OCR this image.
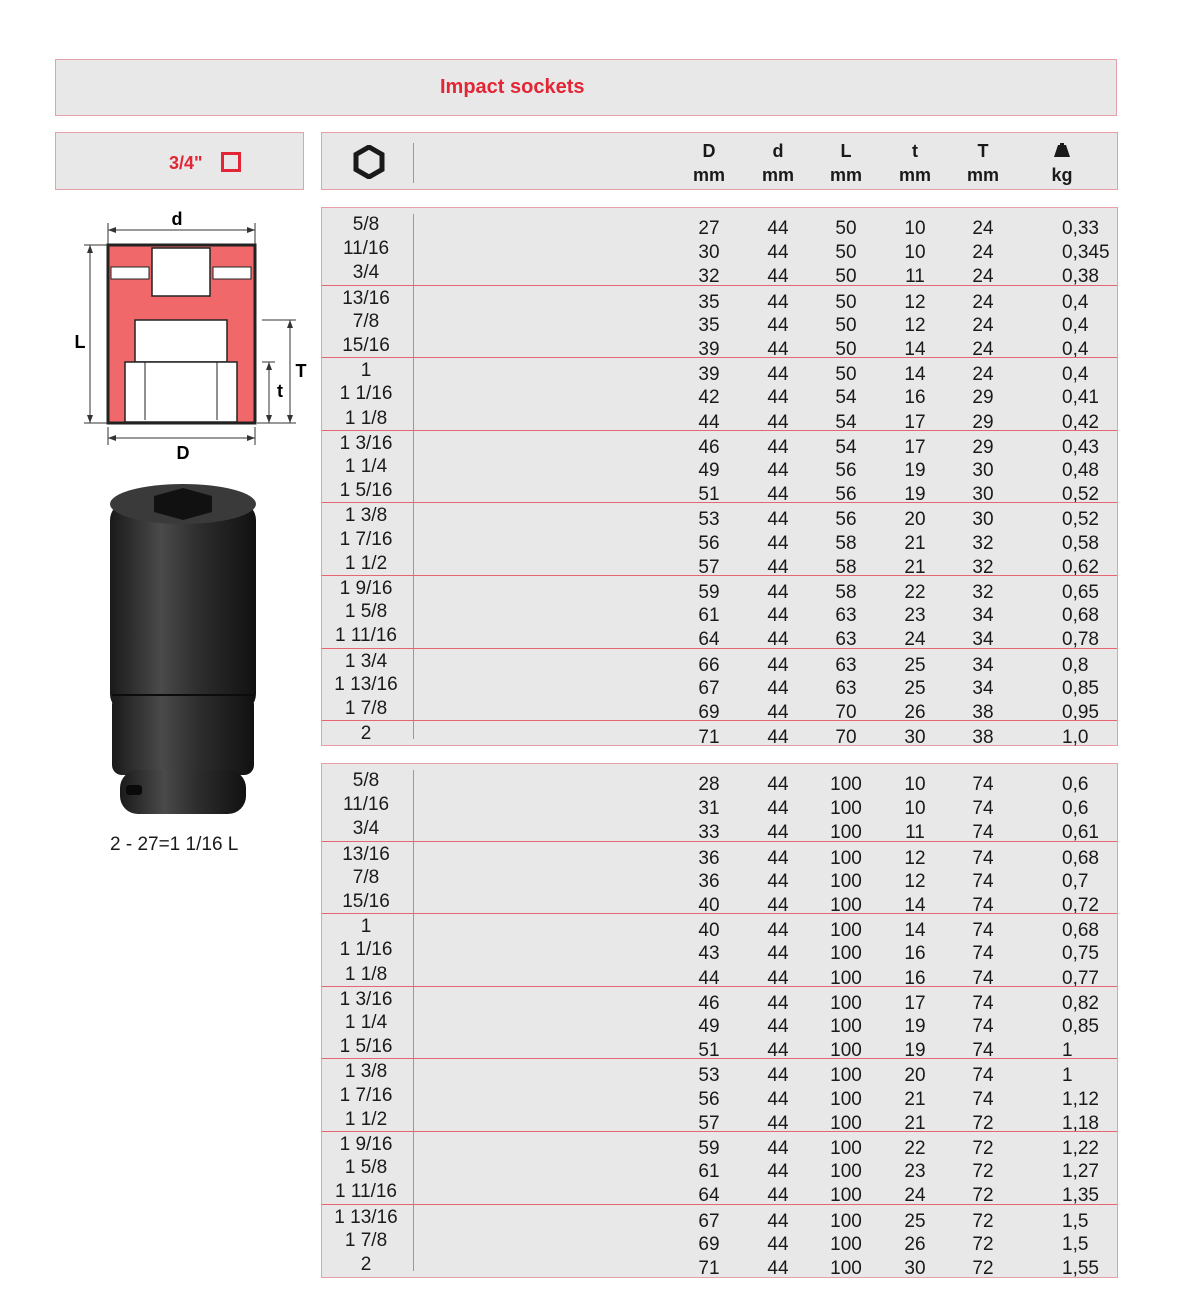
Impact sockets
3/4"
D
mm
d
mm
L
mm
t
mm
T
mm	kg
d
L
D
T
t
2 - 27=1 1/16 L
5/8	27	44	50	10	24	0,33
11/16	30	44	50	10	24	0,345
3/4	32	44	50	11	24	0,38
13/16	35	44	50	12	24	0,4
7/8	35	44	50	12	24	0,4
15/16	39	44	50	14	24	0,4
1	39	44	50	14	24	0,4
1 1/16	42	44	54	16	29	0,41
1 1/8	44	44	54	17	29	0,42
1 3/16	46	44	54	17	29	0,43
1 1/4	49	44	56	19	30	0,48
1 5/16	51	44	56	19	30	0,52
1 3/8	53	44	56	20	30	0,52
1 7/16	56	44	58	21	32	0,58
1 1/2	57	44	58	21	32	0,62
1 9/16	59	44	58	22	32	0,65
1 5/8	61	44	63	23	34	0,68
1 11/16	64	44	63	24	34	0,78
1 3/4	66	44	63	25	34	0,8
1 13/16	67	44	63	25	34	0,85
1 7/8	69	44	70	26	38	0,95
2	71	44	70	30	38	1,0
5/8	28	44	100	10	74	0,6
11/16	31	44	100	10	74	0,6
3/4	33	44	100	11	74	0,61
13/16	36	44	100	12	74	0,68
7/8	36	44	100	12	74	0,7
15/16	40	44	100	14	74	0,72
1	40	44	100	14	74	0,68
1 1/16	43	44	100	16	74	0,75
1 1/8	44	44	100	16	74	0,77
1 3/16	46	44	100	17	74	0,82
1 1/4	49	44	100	19	74	0,85
1 5/16	51	44	100	19	74	1
1 3/8	53	44	100	20	74	1
1 7/16	56	44	100	21	74	1,12
1 1/2	57	44	100	21	72	1,18
1 9/16	59	44	100	22	72	1,22
1 5/8	61	44	100	23	72	1,27
1 11/16	64	44	100	24	72	1,35
1 13/16	67	44	100	25	72	1,5
1 7/8	69	44	100	26	72	1,5
2	71	44	100	30	72	1,55
